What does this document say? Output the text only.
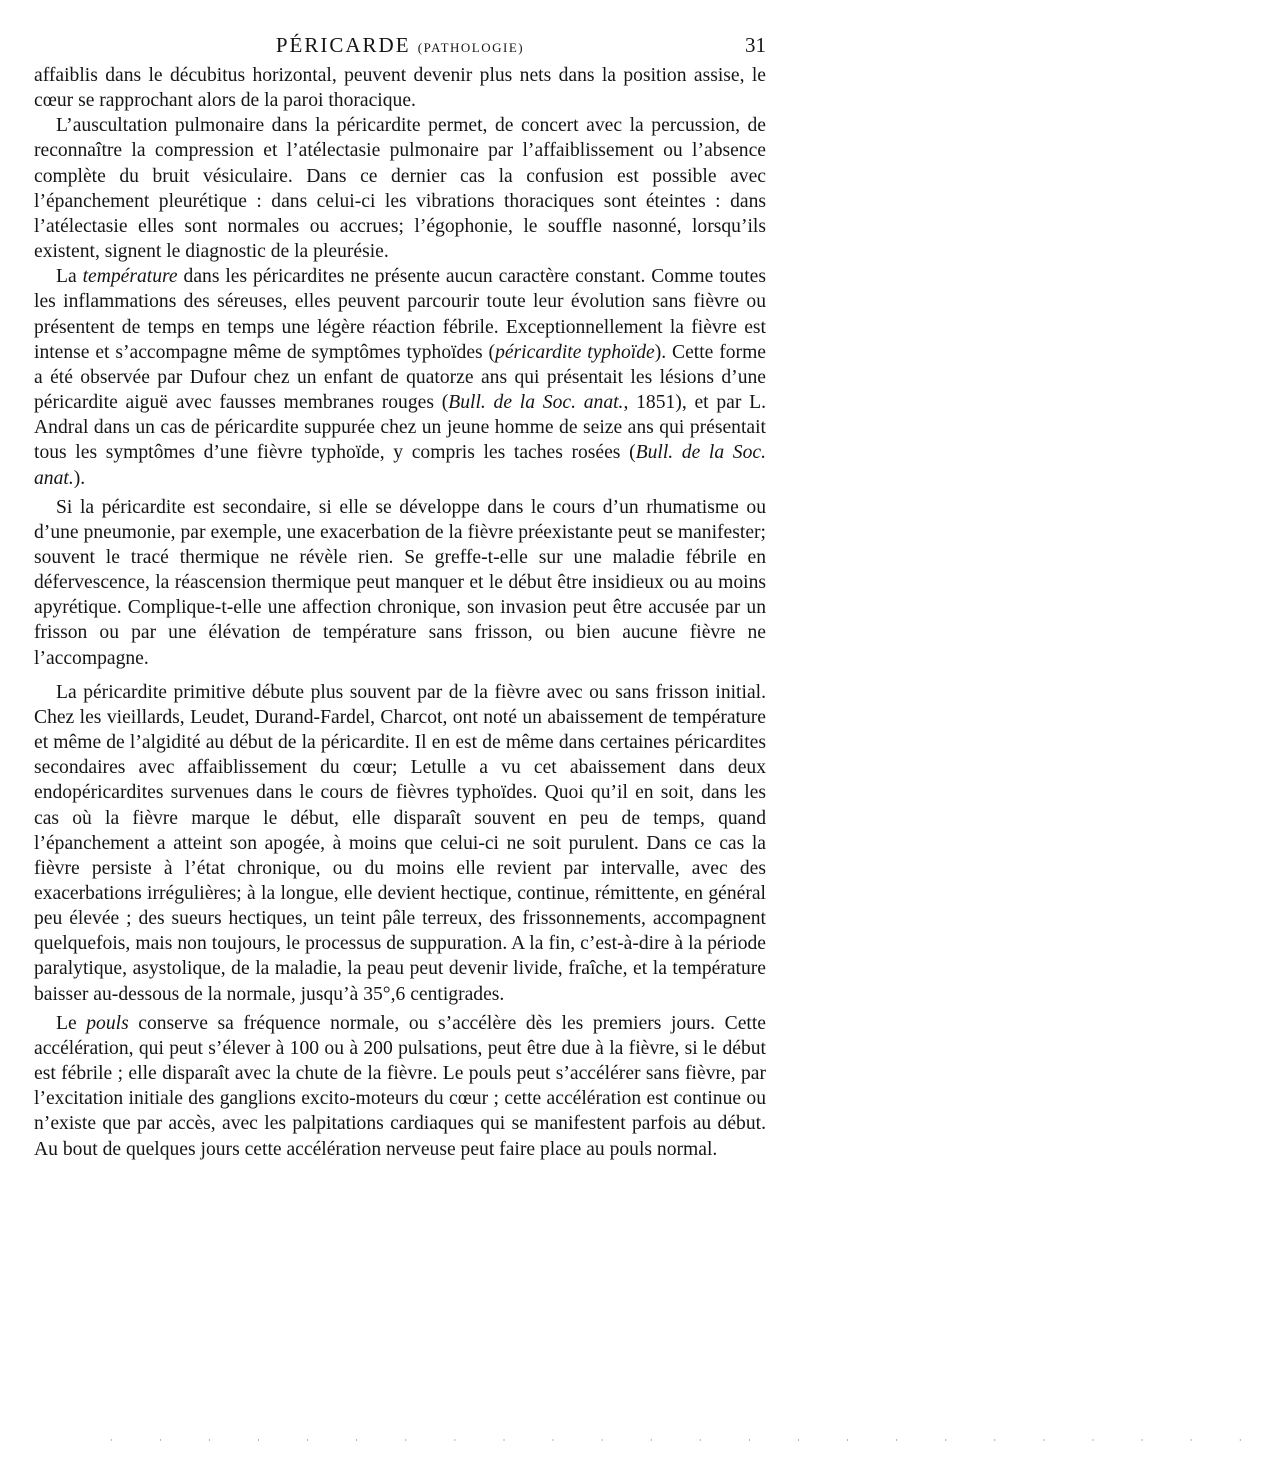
PÉRICARDE (PATHOLOGIE)	31

affaiblis dans le décubitus horizontal, peuvent devenir plus nets dans la position assise, le cœur se rapprochant alors de la paroi thoracique.

L’auscultation pulmonaire dans la péricardite permet, de concert avec la percussion, de reconnaître la compression et l’atélectasie pulmonaire par l’affaiblissement ou l’absence complète du bruit vésiculaire. Dans ce dernier cas la confusion est possible avec l’épanchement pleurétique : dans celui-ci les vibrations thoraciques sont éteintes : dans l’atélectasie elles sont normales ou accrues; l’égophonie, le souffle nasonné, lorsqu’ils existent, signent le diagnostic de la pleurésie.

La température dans les péricardites ne présente aucun caractère constant. Comme toutes les inflammations des séreuses, elles peuvent parcourir toute leur évolution sans fièvre ou présentent de temps en temps une légère réaction fébrile. Exceptionnellement la fièvre est intense et s’accompagne même de symptômes typhoïdes (péricardite typhoïde). Cette forme a été observée par Dufour chez un enfant de quatorze ans qui présentait les lésions d’une péricardite aiguë avec fausses membranes rouges (Bull. de la Soc. anat., 1851), et par L. Andral dans un cas de péricardite suppurée chez un jeune homme de seize ans qui présentait tous les symptômes d’une fièvre typhoïde, y compris les taches rosées (Bull. de la Soc. anat.).

Si la péricardite est secondaire, si elle se développe dans le cours d’un rhumatisme ou d’une pneumonie, par exemple, une exacerbation de la fièvre préexistante peut se manifester; souvent le tracé thermique ne révèle rien. Se greffe-t-elle sur une maladie fébrile en défervescence, la réascension thermique peut manquer et le début être insidieux ou au moins apyrétique. Complique-t-elle une affection chronique, son invasion peut être accusée par un frisson ou par une élévation de température sans frisson, ou bien aucune fièvre ne l’accompagne.

La péricardite primitive débute plus souvent par de la fièvre avec ou sans frisson initial. Chez les vieillards, Leudet, Durand-Fardel, Charcot, ont noté un abaissement de température et même de l’algidité au début de la péricardite. Il en est de même dans certaines péricardites secondaires avec affaiblissement du cœur; Letulle a vu cet abaissement dans deux endopéricardites survenues dans le cours de fièvres typhoïdes. Quoi qu’il en soit, dans les cas où la fièvre marque le début, elle disparaît souvent en peu de temps, quand l’épanchement a atteint son apogée, à moins que celui-ci ne soit purulent. Dans ce cas la fièvre persiste à l’état chronique, ou du moins elle revient par intervalle, avec des exacerbations irrégulières; à la longue, elle devient hectique, continue, rémittente, en général peu élevée ; des sueurs hectiques, un teint pâle terreux, des frissonnements, accompagnent quelquefois, mais non toujours, le processus de suppuration. A la fin, c’est-à-dire à la période paralytique, asystolique, de la maladie, la peau peut devenir livide, fraîche, et la température baisser au-dessous de la normale, jusqu’à 35°,6 centigrades.

Le pouls conserve sa fréquence normale, ou s’accélère dès les premiers jours. Cette accélération, qui peut s’élever à 100 ou à 200 pulsations, peut être due à la fièvre, si le début est fébrile ; elle disparaît avec la chute de la fièvre. Le pouls peut s’accélérer sans fièvre, par l’excitation initiale des ganglions excito-moteurs du cœur ; cette accélération est continue ou n’existe que par accès, avec les palpitations cardiaques qui se manifestent parfois au début. Au bout de quelques jours cette accélération nerveuse peut faire place au pouls normal.

· · · · · · · · · · · · · · · · · · · · · · · ·
